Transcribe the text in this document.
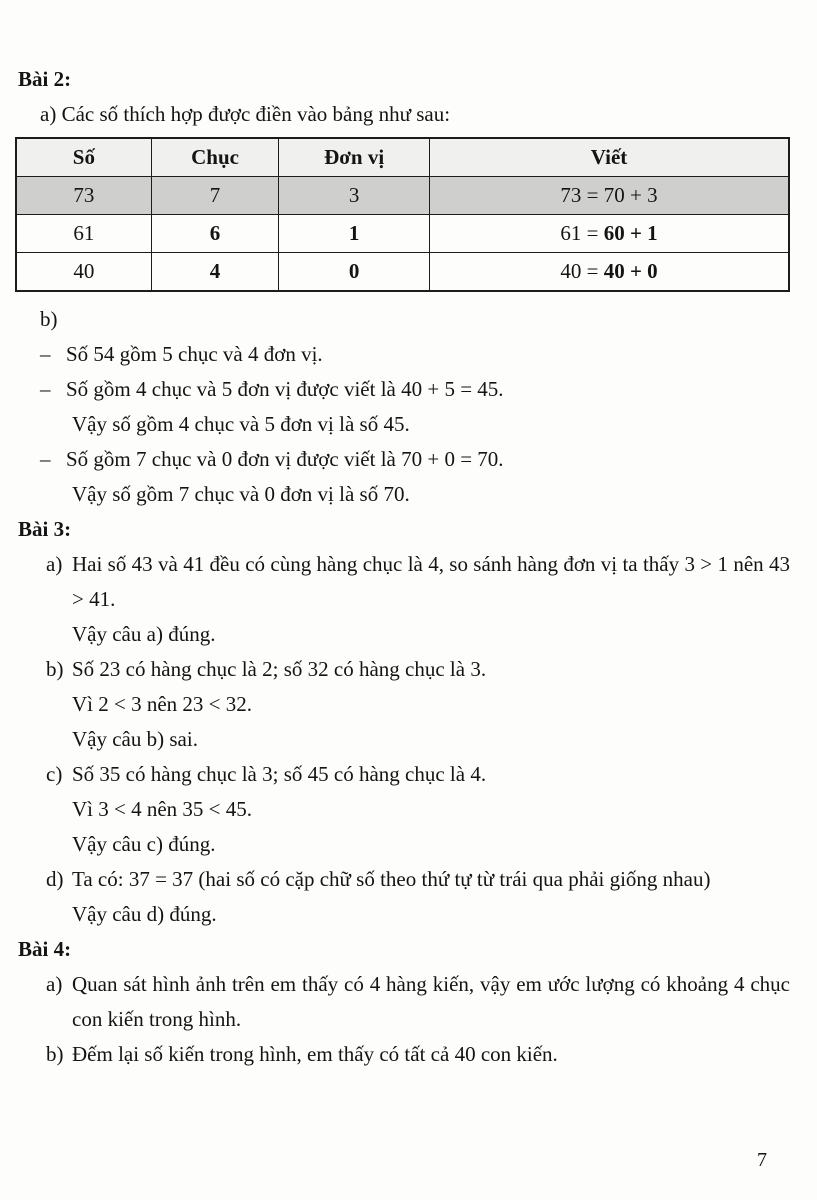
Bài 2:
a) Các số thích hợp được điền vào bảng như sau:
Số	Chục	Đơn vị	Viết
73	7	3	73 = 70 + 3
61	6	1	61 = 60 + 1
40	4	0	40 = 40 + 0
b)
– Số 54 gồm 5 chục và 4 đơn vị.

– Số gồm 4 chục và 5 đơn vị được viết là 40 + 5 = 45.

Vậy số gồm 4 chục và 5 đơn vị là số 45.

– Số gồm 7 chục và 0 đơn vị được viết là 70 + 0 = 70.

Vậy số gồm 7 chục và 0 đơn vị là số 70.

Bài 3:
a) Hai số 43 và 41 đều có cùng hàng chục là 4, so sánh hàng đơn vị ta thấy 3 > 1 nên 43 > 41.

Vậy câu a) đúng.

b) Số 23 có hàng chục là 2; số 32 có hàng chục là 3.

Vì 2 < 3 nên 23 < 32.

Vậy câu b) sai.

c) Số 35 có hàng chục là 3; số 45 có hàng chục là 4.

Vì 3 < 4 nên 35 < 45.

Vậy câu c) đúng.

d) Ta có: 37 = 37 (hai số có cặp chữ số theo thứ tự từ trái qua phải giống nhau)

Vậy câu d) đúng.

Bài 4:
a) Quan sát hình ảnh trên em thấy có 4 hàng kiến, vậy em ước lượng có khoảng 4 chục con kiến trong hình.

b) Đếm lại số kiến trong hình, em thấy có tất cả 40 con kiến.

7
